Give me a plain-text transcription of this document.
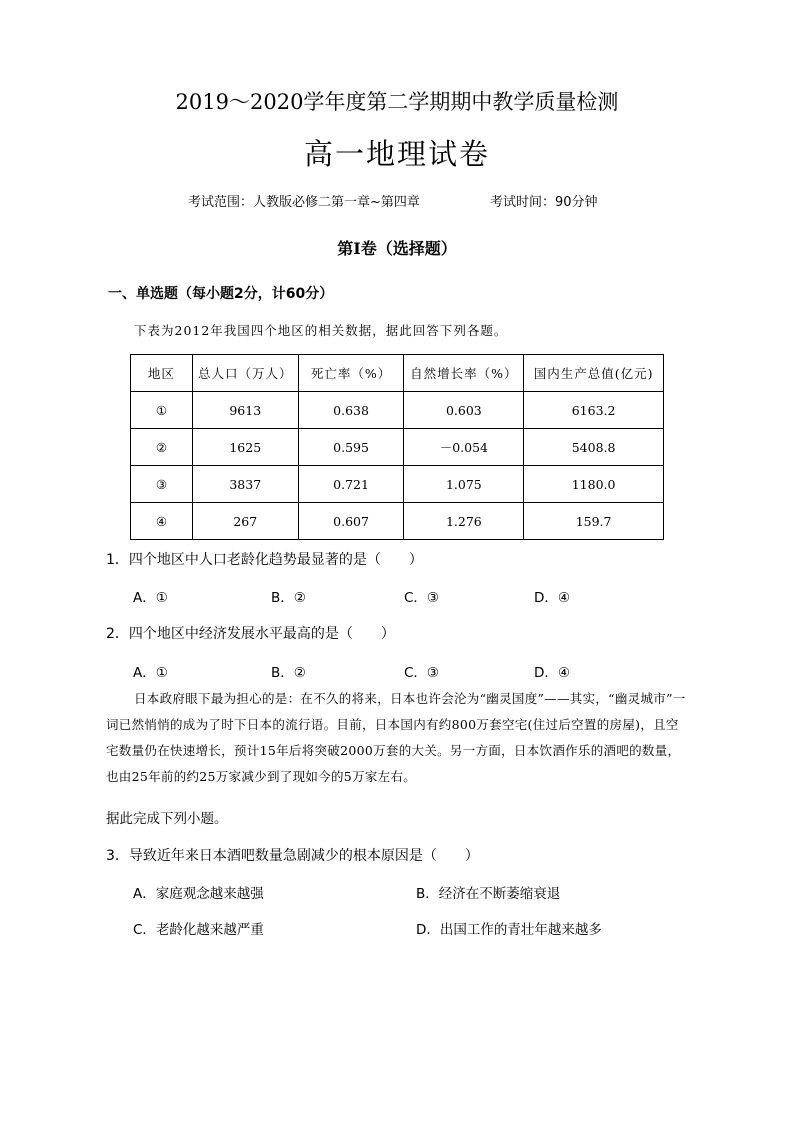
2019～2020学年度第二学期期中教学质量检测
高一地理试卷
考试范围：人教版必修二第一章~第四章	考试时间：90分钟
第Ⅰ卷（选择题）
一、单选题（每小题2分，计60分）
下表为2012年我国四个地区的相关数据，据此回答下列各题。
地区	总人口（万人）	死亡率（%）	自然增长率（%）	国内生产总值(亿元)
①	9613	0.638	0.603	6163.2
②	1625	0.595	－0.054	5408.8
③	3837	0.721	1.075	1180.0
④	267	0.607	1.276	159.7
1．四个地区中人口老龄化趋势最显著的是（　　）
A．①	B．②	C．③	D．④
2．四个地区中经济发展水平最高的是（　　）
A．①	B．②	C．③	D．④
日本政府眼下最为担心的是：在不久的将来，日本也许会沦为“幽灵国度”——其实，“幽灵城市”一词已然悄悄的成为了时下日本的流行语。目前，日本国内有约800万套空宅(住过后空置的房屋)，且空宅数量仍在快速增长，预计15年后将突破2000万套的大关。另一方面，日本饮酒作乐的酒吧的数量，也由25年前的约25万家减少到了现如今的5万家左右。
据此完成下列小题。
3．导致近年来日本酒吧数量急剧减少的根本原因是（　　）
A．家庭观念越来越强	B．经济在不断萎缩衰退
C．老龄化越来越严重	D．出国工作的青壮年越来越多
